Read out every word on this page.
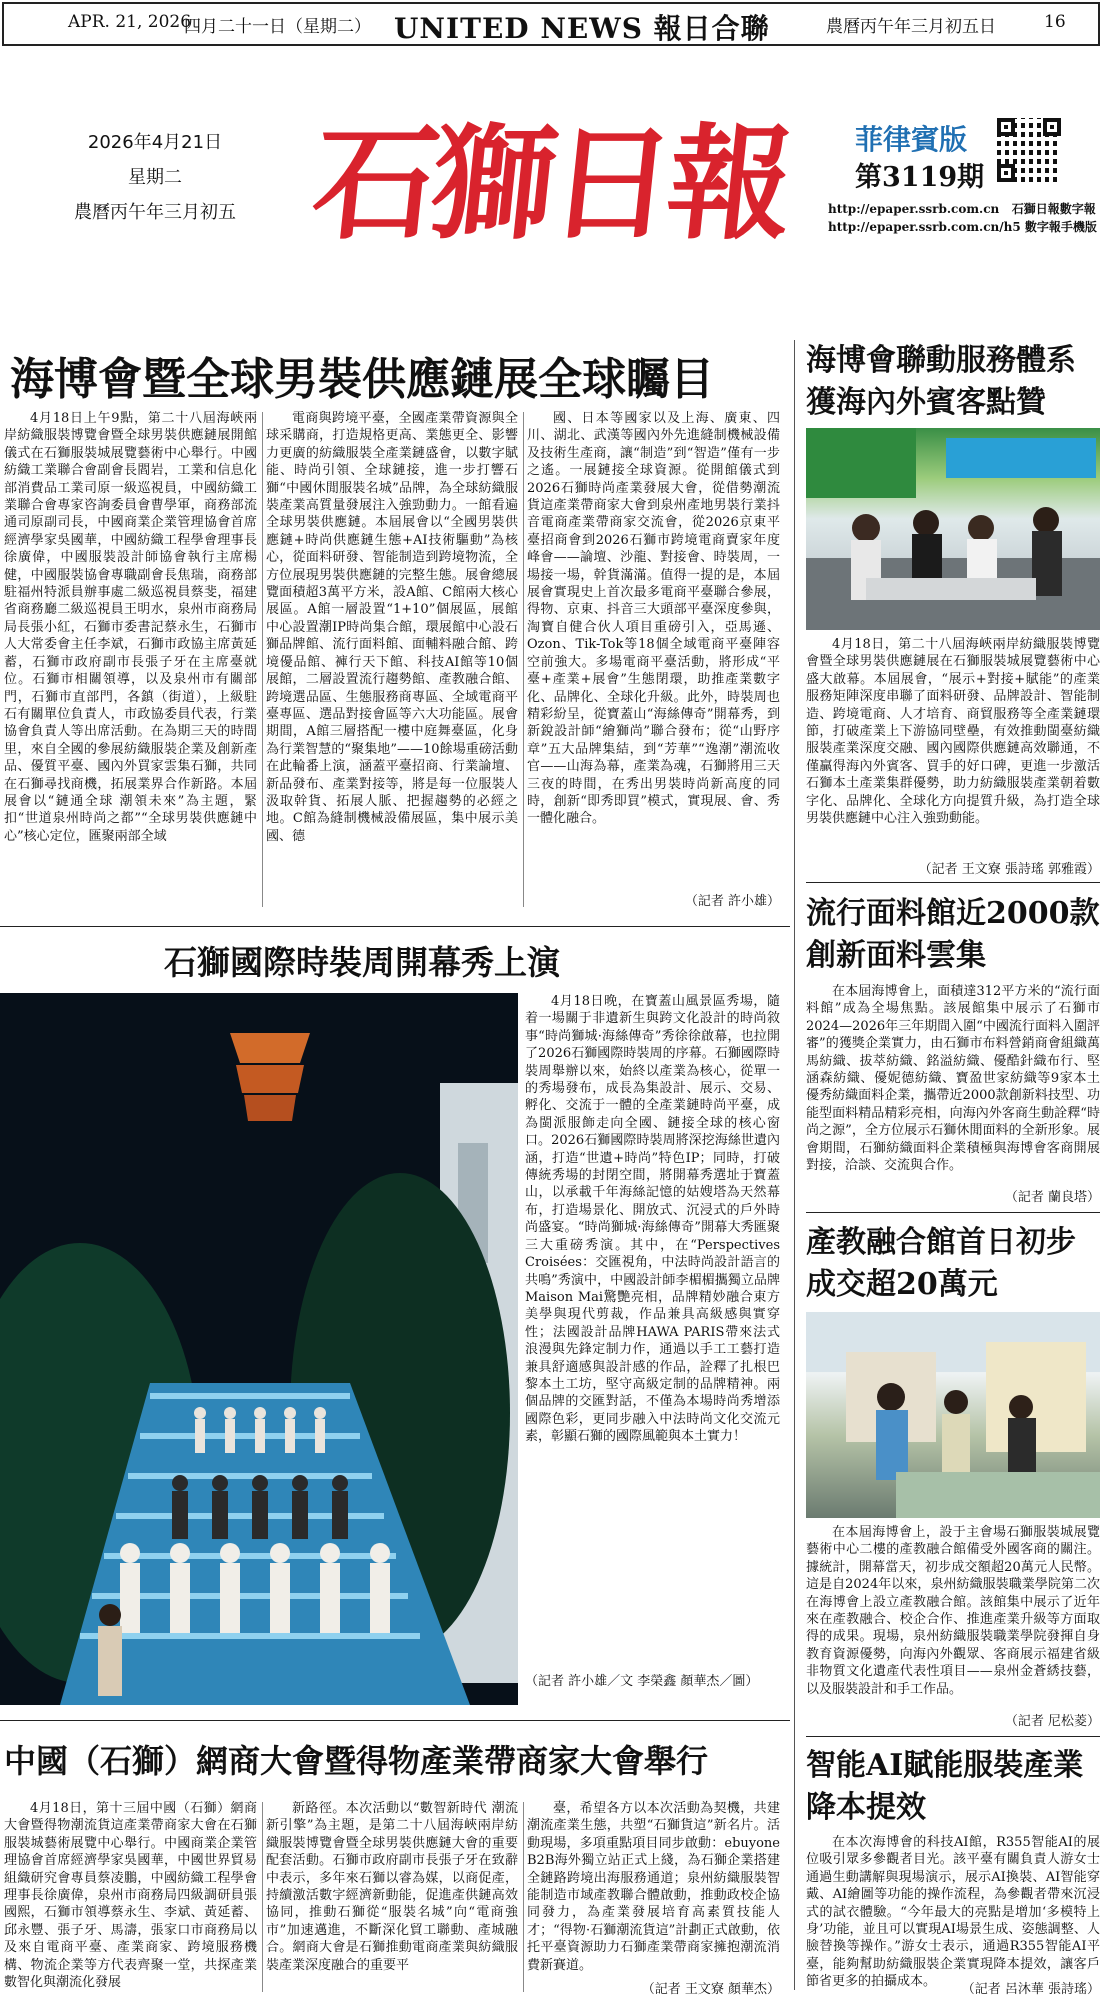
APR. 21, 2026
四月二十一日（星期二） UNITED NEWS 報日合聯	農曆丙午年三月初五日	16
2026年4月21日
星期二
農曆丙午年三月初五 石獅日報	菲律賓版
第3119期
http://epaper.ssrb.com.cn 石獅日報數字報
http://epaper.ssrb.com.cn/h5 數字報手機版
海博會暨全球男裝供應鏈展全球矚目
4月18日上午9點，第二十八屆海峽兩岸紡織服裝博覽會暨全球男裝供應鏈展開館儀式在石獅服裝城展覽藝術中心舉行。中國紡織工業聯合會副會長閻岩，工業和信息化部消費品工業司原一級巡視員，中國紡織工業聯合會專家咨詢委員會曹學軍，商務部流通司原副司長，中國商業企業管理協會首席經濟學家吳國華，中國紡織工程學會理事長徐廣偉，中國服裝設計師協會執行主席楊健，中國服裝協會專職副會長焦瑞，商務部駐福州特派員辦事處二級巡視員蔡斐，福建省商務廳二級巡視員王明水，泉州市商務局局長張小紅，石獅市委書記蔡永生，石獅市人大常委會主任李斌，石獅市政協主席黃延蓄，石獅市政府副市長張子牙在主席臺就位。石獅市相關領導，以及泉州市有關部門，石獅市直部門，各鎮（街道），上級駐石有關單位負責人，市政協委員代表，行業協會負責人等出席活動。在為期三天的時間里，來自全國的參展紡織服裝企業及創新產品、優質平臺、國內外買家雲集石獅，共同在石獅尋找商機，拓展業界合作新路。本屆展會以“鏈通全球 潮領未來”為主題，緊扣“世道泉州時尚之都”“全球男裝供應鏈中心”核心定位，匯聚兩部全域
電商與跨境平臺，全國產業帶資源與全球采購商，打造規格更高、業態更全、影響力更廣的紡織服裝全產業鏈盛會，以數字賦能、時尚引領、全球鏈接，進一步打響石獅“中國休閒服裝名城”品牌，為全球紡織服裝產業高質量發展注入強勁動力。一館看遍全球男裝供應鏈。本屆展會以“全國男裝供應鏈+時尚供應鏈生態+AI技術驅動”為核心，從面料研發、智能制造到跨境物流，全方位展現男裝供應鏈的完整生態。展會總展覽面積超3萬平方米，設A館、C館兩大核心展區。A館一層設置“1+10”個展區，展館中心設置潮IP時尚集合館，環展館中心設石獅品牌館、流行面料館、面輔料融合館、跨境優品館、褲行天下館、科技AI館等10個展館，二層設置流行趨勢館、產教融合館、跨境選品區、生態服務商專區、全域電商平臺專區、選品對接會區等六大功能區。展會期間，A館三層搭配一樓中庭舞臺區，化身為行業智慧的“聚集地”——10餘場重磅活動在此輪番上演，涵蓋平臺招商、行業論壇、新品發布、產業對接等，將是每一位服裝人汲取幹貨、拓展人脈、把握趨勢的必經之地。C館為縫制機械設備展區，集中展示美國、德
國、日本等國家以及上海、廣東、四川、湖北、武漢等國內外先進縫制機械設備及技術生產商，讓“制造”到“智造”僅有一步之遙。一展鏈接全球資源。從開館儀式到2026石獅時尚產業發展大會，從借勢潮流貨這產業帶商家大會到泉州產地男裝行業抖音電商產業帶商家交流會，從2026京東平臺招商會到2026石獅市跨境電商賣家年度峰會——論壇、沙龍、對接會、時裝周，一場接一場，幹貨滿滿。值得一提的是，本屆展會實現史上首次最多電商平臺聯合參展，得物、京東、抖音三大頭部平臺深度參與，淘寶自健合伙人項目重磅引入，亞馬遜、Ozon、Tik-Tok等18個全域電商平臺陣容空前強大。多場電商平臺活動，將形成“平臺+產業+展會”生態閉環，助推產業數字化、品牌化、全球化升級。此外，時裝周也精彩紛呈，從寶蓋山“海絲傳奇”開幕秀，到新銳設計師“繪獅尚”聯合發布；從“山野序章”五大品牌集結，到“芳華”“逸潮”潮流收官——山海為幕，產業為魂，石獅將用三天三夜的時間，在秀出男裝時尚新高度的同時，創新“即秀即買”模式，實現展、會、秀一體化融合。
（記者 許小雄）
海博會聯動服務體系獲海內外賓客點贊
4月18日，第二十八屆海峽兩岸紡織服裝博覽會暨全球男裝供應鏈展在石獅服裝城展覽藝術中心盛大啟幕。本屆展會，“展示+對接+賦能”的產業服務矩陣深度串聯了面料研發、品牌設計、智能制造、跨境電商、人才培育、商貿服務等全產業鏈環節，打破產業上下游協同壁壘，有效推動閩臺紡織服裝產業深度交融、國內國際供應鏈高效聯通，不僅贏得海內外賓客、買手的好口碑，更進一步激活石獅本土產業集群優勢，助力紡織服裝產業朝着數字化、品牌化、全球化方向提質升級，為打造全球男裝供應鏈中心注入強勁動能。
（記者 王文寮 張詩瑤 郭雅霞）
流行面料館近2000款創新面料雲集
在本屆海博會上，面積達312平方米的“流行面料館”成為全場焦點。該展館集中展示了石獅市2024—2026年三年期間入圍“中國流行面料入圍評審”的獲獎企業實力，由石獅市布料營銷商會組織萬馬紡織、拔萃紡織、銘溢紡織、優酷針織布行、堅涵森紡織、優妮德紡織、寶盈世家紡織等9家本土優秀紡織面料企業，攜帶近2000款創新料技型、功能型面料精品精彩亮相，向海內外客商生動詮釋“時尚之源”，全方位展示石獅休閒面料的全新形象。展會期間，石獅紡織面料企業積極與海博會客商開展對接，洽談、交流與合作。
（記者 蘭良塔）
產教融合館首日初步成交超20萬元
在本屆海博會上，設于主會場石獅服裝城展覽藝術中心二樓的產教融合館備受外國客商的關注。據統計，開幕當天，初步成交額超20萬元人民幣。這是自2024年以來，泉州紡織服裝職業學院第二次在海博會上設立產教融合館。該館集中展示了近年來在產教融合、校企合作、推進產業升級等方面取得的成果。現場，泉州紡織服裝職業學院發揮自身教育資源優勢，向海內外觀眾、客商展示福建省級非物質文化遺產代表性項目——泉州金蒼綉技藝，以及服裝設計和手工作品。
（記者 尼松菱）
智能AI賦能服裝產業降本提效
在本次海博會的科技AI館，R355智能AI的展位吸引眾多參觀者目光。該平臺有關負責人游女士通過生動講解與現場演示，展示AI換裝、AI智能穿戴、AI繪圖等功能的操作流程，為參觀者帶來沉浸式的試衣體驗。“今年最大的亮點是增加‘多模特上身’功能，並且可以實現AI場景生成、姿態調整、人臉替換等操作。”游女士表示，通過R355智能AI平臺，能夠幫助紡織服裝企業實現降本提效，讓客戶節省更多的拍攝成本。
（記者 呂沐華 張詩瑤）
石獅國際時裝周開幕秀上演
4月18日晚，在寶蓋山風景區秀場，隨着一場關于非遺新生與跨文化設計的時尚敘事“時尚獅城·海絲傳奇”秀徐徐啟幕，也拉開了2026石獅國際時裝周的序幕。石獅國際時裝周舉辦以來，始終以產業為核心，從單一的秀場發布，成長為集設計、展示、交易、孵化、交流于一體的全產業鏈時尚平臺，成為閩派服飾走向全國、鏈接全球的核心窗口。2026石獅國際時裝周將深挖海絲世遺內涵，打造“世遺+時尚”特色IP；同時，打破傳統秀場的封閉空間，將開幕秀選址于寶蓋山，以承載千年海絲記憶的姑嫂塔為天然幕布，打造場景化、開放式、沉浸式的戶外時尚盛宴。“時尚獅城·海絲傳奇”開幕大秀匯聚三大重磅秀演。其中，在“Perspectives Croisées：交匯視角，中法時尚設計語言的共鳴”秀演中，中國設計師李楣楣攜獨立品牌Maison Mai驚艷亮相，品牌精妙融合東方美學與現代剪裁，作品兼具高級感與實穿性；法國設計品牌HAWA PARIS帶來法式浪漫與先鋒定制力作，通過以手工工藝打造兼具舒適感與設計感的作品，詮釋了扎根巴黎本土工坊，堅守高級定制的品牌精神。兩個品牌的交匯對話，不僅為本場時尚秀增添國際色彩，更同步融入中法時尚文化交流元素，彰顯石獅的國際風範與本土實力！
（記者 許小雄／文 李榮鑫 顏華杰／圖）
中國（石獅）網商大會暨得物產業帶商家大會舉行
4月18日，第十三屆中國（石獅）網商大會暨得物潮流貨這產業帶商家大會在石獅服裝城藝術展覽中心舉行。中國商業企業管理協會首席經濟學家吳國華，中國世界貿易組織研究會專員蔡凌鵬，中國紡織工程學會理事長徐廣偉，泉州市商務局四級調研員張國熙，石獅市領導蔡永生、李斌、黃延蓄、邱永豐、張子牙、馬濤，張家口市商務局以及來自電商平臺、產業商家、跨境服務機構、物流企業等方代表齊聚一堂，共探產業數智化與潮流化發展
新路徑。本次活動以“數智新時代 潮流新引擎”為主題，是第二十八屆海峽兩岸紡織服裝博覽會暨全球男裝供應鏈大會的重要配套活動。石獅市政府副市長張子牙在致辭中表示，多年來石獅以睿為媒，以商促產，持續激活數字經濟新動能，促進產供鏈高效協同，推動石獅從“服裝名城”向“電商強市”加速邁進，不斷深化貿工聯動、產城融合。網商大會是石獅推動電商產業與紡織服裝產業深度融合的重要平
臺，希望各方以本次活動為契機，共建潮流產業生態，共塑“石獅貨這”新名片。活動現場，多項重點項目同步啟動：ebuyone B2B海外獨立站正式上綫，為石獅企業搭建全鏈路跨境出海服務通道；泉州紡織服裝智能制造市域產教聯合體啟動，推動政校企協同發力，為產業發展培育高素質技能人才；“得物·石獅潮流貨這”計劃正式啟動，依托平臺資源助力石獅產業帶商家擁抱潮流消費新賽道。
（記者 王文寮 顏華杰）
